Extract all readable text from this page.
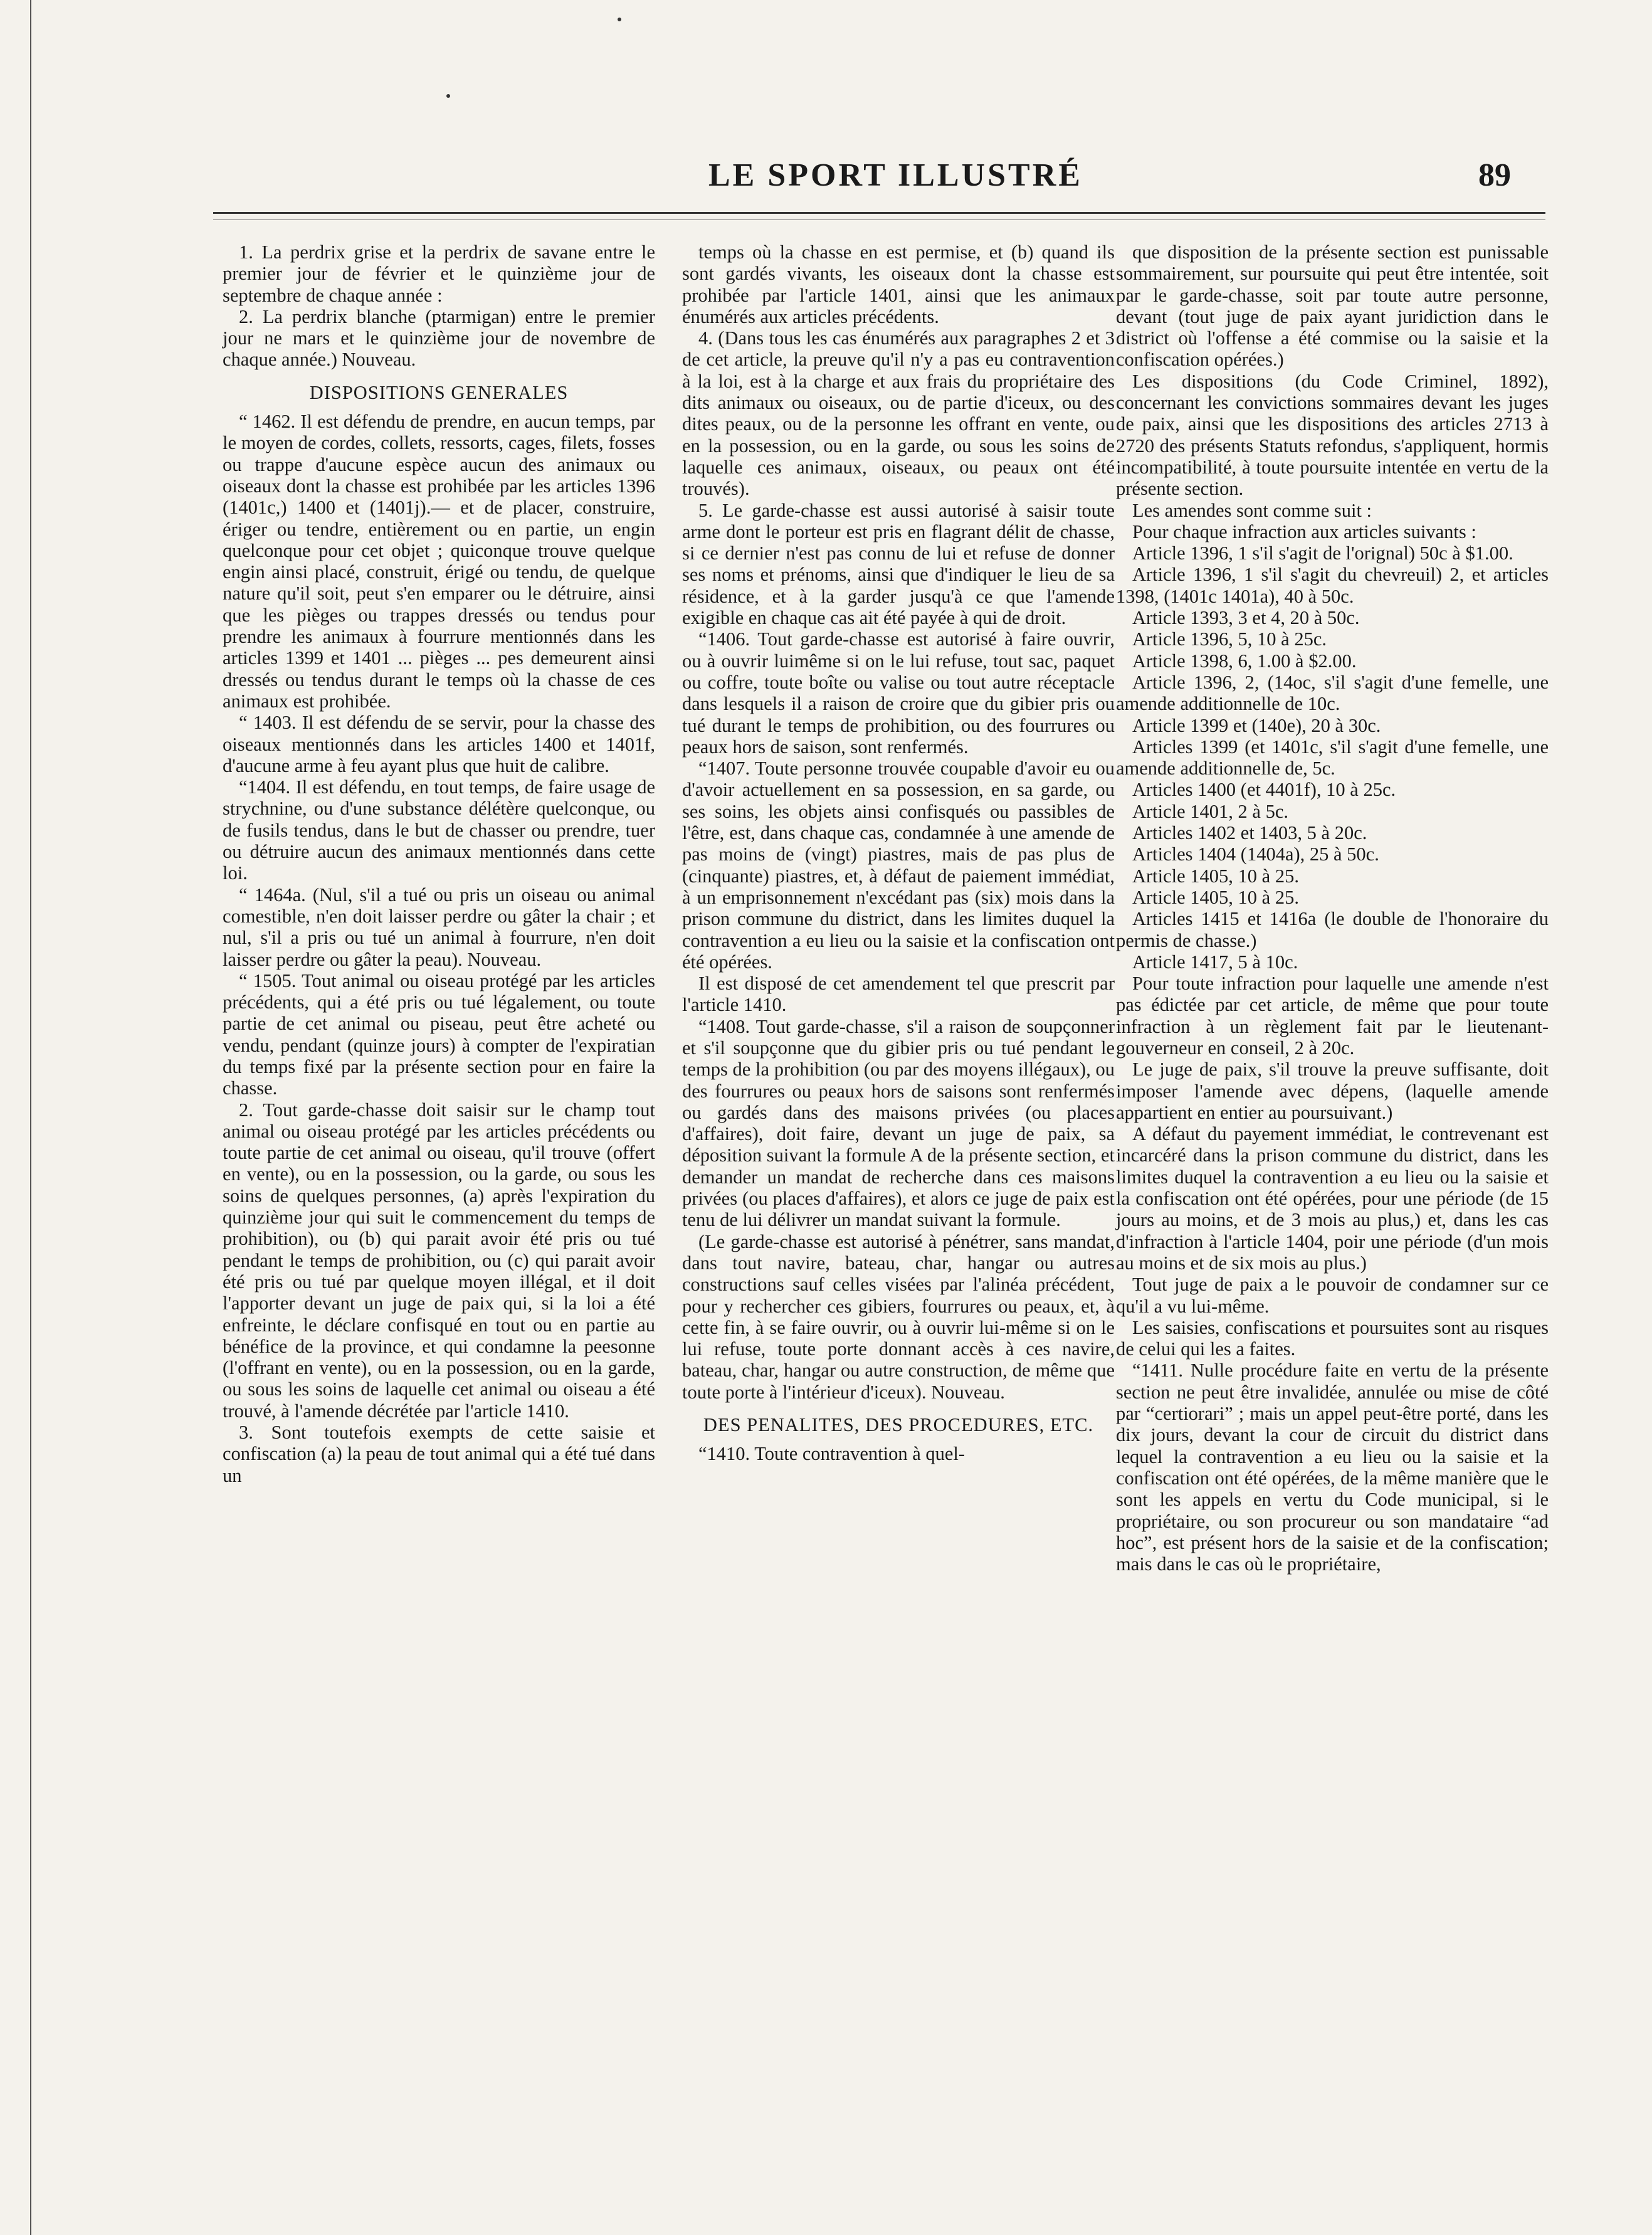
LE SPORT ILLUSTRÉ	89

1. La perdrix grise et la perdrix de savane entre le premier jour de février et le quinzième jour de septembre de chaque année :

2. La perdrix blanche (ptarmigan) entre le premier jour ne mars et le quinzième jour de novembre de chaque année.) Nouveau.

DISPOSITIONS GENERALES

“ 1462. Il est défendu de prendre, en aucun temps, par le moyen de cordes, collets, ressorts, cages, filets, fosses ou trappe d'aucune espèce aucun des animaux ou oiseaux dont la chasse est prohibée par les articles 1396 (1401c,) 1400 et (1401j).— et de placer, construire, ériger ou tendre, entièrement ou en partie, un engin quelconque pour cet objet ; quiconque trouve quelque engin ainsi placé, construit, érigé ou tendu, de quelque nature qu'il soit, peut s'en emparer ou le détruire, ainsi que les pièges ou trappes dressés ou tendus pour prendre les animaux à fourrure mentionnés dans les articles 1399 et 1401 ... pièges ... pes demeurent ainsi dressés ou tendus durant le temps où la chasse de ces animaux est prohibée.

“ 1403. Il est défendu de se servir, pour la chasse des oiseaux mentionnés dans les articles 1400 et 1401f, d'aucune arme à feu ayant plus que huit de calibre.

“1404. Il est défendu, en tout temps, de faire usage de strychnine, ou d'une substance délétère quelconque, ou de fusils tendus, dans le but de chasser ou prendre, tuer ou détruire aucun des animaux mentionnés dans cette loi.

“ 1464a. (Nul, s'il a tué ou pris un oiseau ou animal comestible, n'en doit laisser perdre ou gâter la chair ; et nul, s'il a pris ou tué un animal à fourrure, n'en doit laisser perdre ou gâter la peau). Nouveau.

“ 1505. Tout animal ou oiseau protégé par les articles précédents, qui a été pris ou tué légalement, ou toute partie de cet animal ou piseau, peut être acheté ou vendu, pendant (quinze jours) à compter de l'expiratian du temps fixé par la présente section pour en faire la chasse.

2. Tout garde-chasse doit saisir sur le champ tout animal ou oiseau protégé par les articles précédents ou toute partie de cet animal ou oiseau, qu'il trouve (offert en vente), ou en la possession, ou la garde, ou sous les soins de quelques personnes, (a) après l'expiration du quinzième jour qui suit le commencement du temps de prohibition), ou (b) qui parait avoir été pris ou tué pendant le temps de prohibition, ou (c) qui parait avoir été pris ou tué par quelque moyen illégal, et il doit l'apporter devant un juge de paix qui, si la loi a été enfreinte, le déclare confisqué en tout ou en partie au bénéfice de la province, et qui condamne la peesonne (l'offrant en vente), ou en la possession, ou en la garde, ou sous les soins de laquelle cet animal ou oiseau a été trouvé, à l'amende décrétée par l'article 1410.

3. Sont toutefois exempts de cette saisie et confiscation (a) la peau de tout animal qui a été tué dans un

temps où la chasse en est permise, et (b) quand ils sont gardés vivants, les oiseaux dont la chasse est prohibée par l'article 1401, ainsi que les animaux énumérés aux articles précédents.

4. (Dans tous les cas énumérés aux paragraphes 2 et 3 de cet article, la preuve qu'il n'y a pas eu contravention à la loi, est à la charge et aux frais du propriétaire des dits animaux ou oiseaux, ou de partie d'iceux, ou des dites peaux, ou de la personne les offrant en vente, ou en la possession, ou en la garde, ou sous les soins de laquelle ces animaux, oiseaux, ou peaux ont été trouvés).

5. Le garde-chasse est aussi autorisé à saisir toute arme dont le porteur est pris en flagrant délit de chasse, si ce dernier n'est pas connu de lui et refuse de donner ses noms et prénoms, ainsi que d'indiquer le lieu de sa résidence, et à la garder jusqu'à ce que l'amende exigible en chaque cas ait été payée à qui de droit.

“1406. Tout garde-chasse est autorisé à faire ouvrir, ou à ouvrir luimême si on le lui refuse, tout sac, paquet ou coffre, toute boîte ou valise ou tout autre réceptacle dans lesquels il a raison de croire que du gibier pris ou tué durant le temps de prohibition, ou des fourrures ou peaux hors de saison, sont renfermés.

“1407. Toute personne trouvée coupable d'avoir eu ou d'avoir actuellement en sa possession, en sa garde, ou ses soins, les objets ainsi confisqués ou passibles de l'être, est, dans chaque cas, condamnée à une amende de pas moins de (vingt) piastres, mais de pas plus de (cinquante) piastres, et, à défaut de paiement immédiat, à un emprisonnement n'excédant pas (six) mois dans la prison commune du district, dans les limites duquel la contravention a eu lieu ou la saisie et la confiscation ont été opérées.

Il est disposé de cet amendement tel que prescrit par l'article 1410.

“1408. Tout garde-chasse, s'il a raison de soupçonner et s'il soupçonne que du gibier pris ou tué pendant le temps de la prohibition (ou par des moyens illégaux), ou des fourrures ou peaux hors de saisons sont renfermés ou gardés dans des maisons privées (ou places d'affaires), doit faire, devant un juge de paix, sa déposition suivant la formule A de la présente section, et demander un mandat de recherche dans ces maisons privées (ou places d'affaires), et alors ce juge de paix est tenu de lui délivrer un mandat suivant la formule.

(Le garde-chasse est autorisé à pénétrer, sans mandat, dans tout navire, bateau, char, hangar ou autres constructions sauf celles visées par l'alinéa précédent, pour y rechercher ces gibiers, fourrures ou peaux, et, à cette fin, à se faire ouvrir, ou à ouvrir lui-même si on le lui refuse, toute porte donnant accès à ces navire, bateau, char, hangar ou autre construction, de même que toute porte à l'intérieur d'iceux). Nouveau.

DES PENALITES, DES PROCEDURES, ETC.

“1410. Toute contravention à quel-

que disposition de la présente section est punissable sommairement, sur poursuite qui peut être intentée, soit par le garde-chasse, soit par toute autre personne, devant (tout juge de paix ayant juridiction dans le district où l'offense a été commise ou la saisie et la confiscation opérées.)

Les dispositions (du Code Criminel, 1892), concernant les convictions sommaires devant les juges de paix, ainsi que les dispositions des articles 2713 à 2720 des présents Statuts refondus, s'appliquent, hormis incompatibilité, à toute poursuite intentée en vertu de la présente section.

Les amendes sont comme suit :

Pour chaque infraction aux articles suivants :

Article 1396, 1 s'il s'agit de l'orignal) 50c à $1.00.

Article 1396, 1 s'il s'agit du chevreuil) 2, et articles 1398, (1401c 1401a), 40 à 50c.

Article 1393, 3 et 4, 20 à 50c.

Article 1396, 5, 10 à 25c.

Article 1398, 6, 1.00 à $2.00.

Article 1396, 2, (14oc, s'il s'agit d'une femelle, une amende additionnelle de 10c.

Article 1399 et (140e), 20 à 30c.

Articles 1399 (et 1401c, s'il s'agit d'une femelle, une amende additionnelle de, 5c.

Articles 1400 (et 4401f), 10 à 25c.

Article 1401, 2 à 5c.

Articles 1402 et 1403, 5 à 20c.

Articles 1404 (1404a), 25 à 50c.

Article 1405, 10 à 25.

Article 1405, 10 à 25.

Articles 1415 et 1416a (le double de l'honoraire du permis de chasse.)

Article 1417, 5 à 10c.

Pour toute infraction pour laquelle une amende n'est pas édictée par cet article, de même que pour toute infraction à un règlement fait par le lieutenant-gouverneur en conseil, 2 à 20c.

Le juge de paix, s'il trouve la preuve suffisante, doit imposer l'amende avec dépens, (laquelle amende appartient en entier au poursuivant.)

A défaut du payement immédiat, le contrevenant est incarcéré dans la prison commune du district, dans les limites duquel la contravention a eu lieu ou la saisie et la confiscation ont été opérées, pour une période (de 15 jours au moins, et de 3 mois au plus,) et, dans les cas d'infraction à l'article 1404, poir une période (d'un mois au moins et de six mois au plus.)

Tout juge de paix a le pouvoir de condamner sur ce qu'il a vu lui-même.

Les saisies, confiscations et poursuites sont au risques de celui qui les a faites.

“1411. Nulle procédure faite en vertu de la présente section ne peut être invalidée, annulée ou mise de côté par “certiorari” ; mais un appel peut-être porté, dans les dix jours, devant la cour de circuit du district dans lequel la contravention a eu lieu ou la saisie et la confiscation ont été opérées, de la même manière que le sont les appels en vertu du Code municipal, si le propriétaire, ou son procureur ou son mandataire “ad hoc”, est présent hors de la saisie et de la confiscation; mais dans le cas où le propriétaire,
